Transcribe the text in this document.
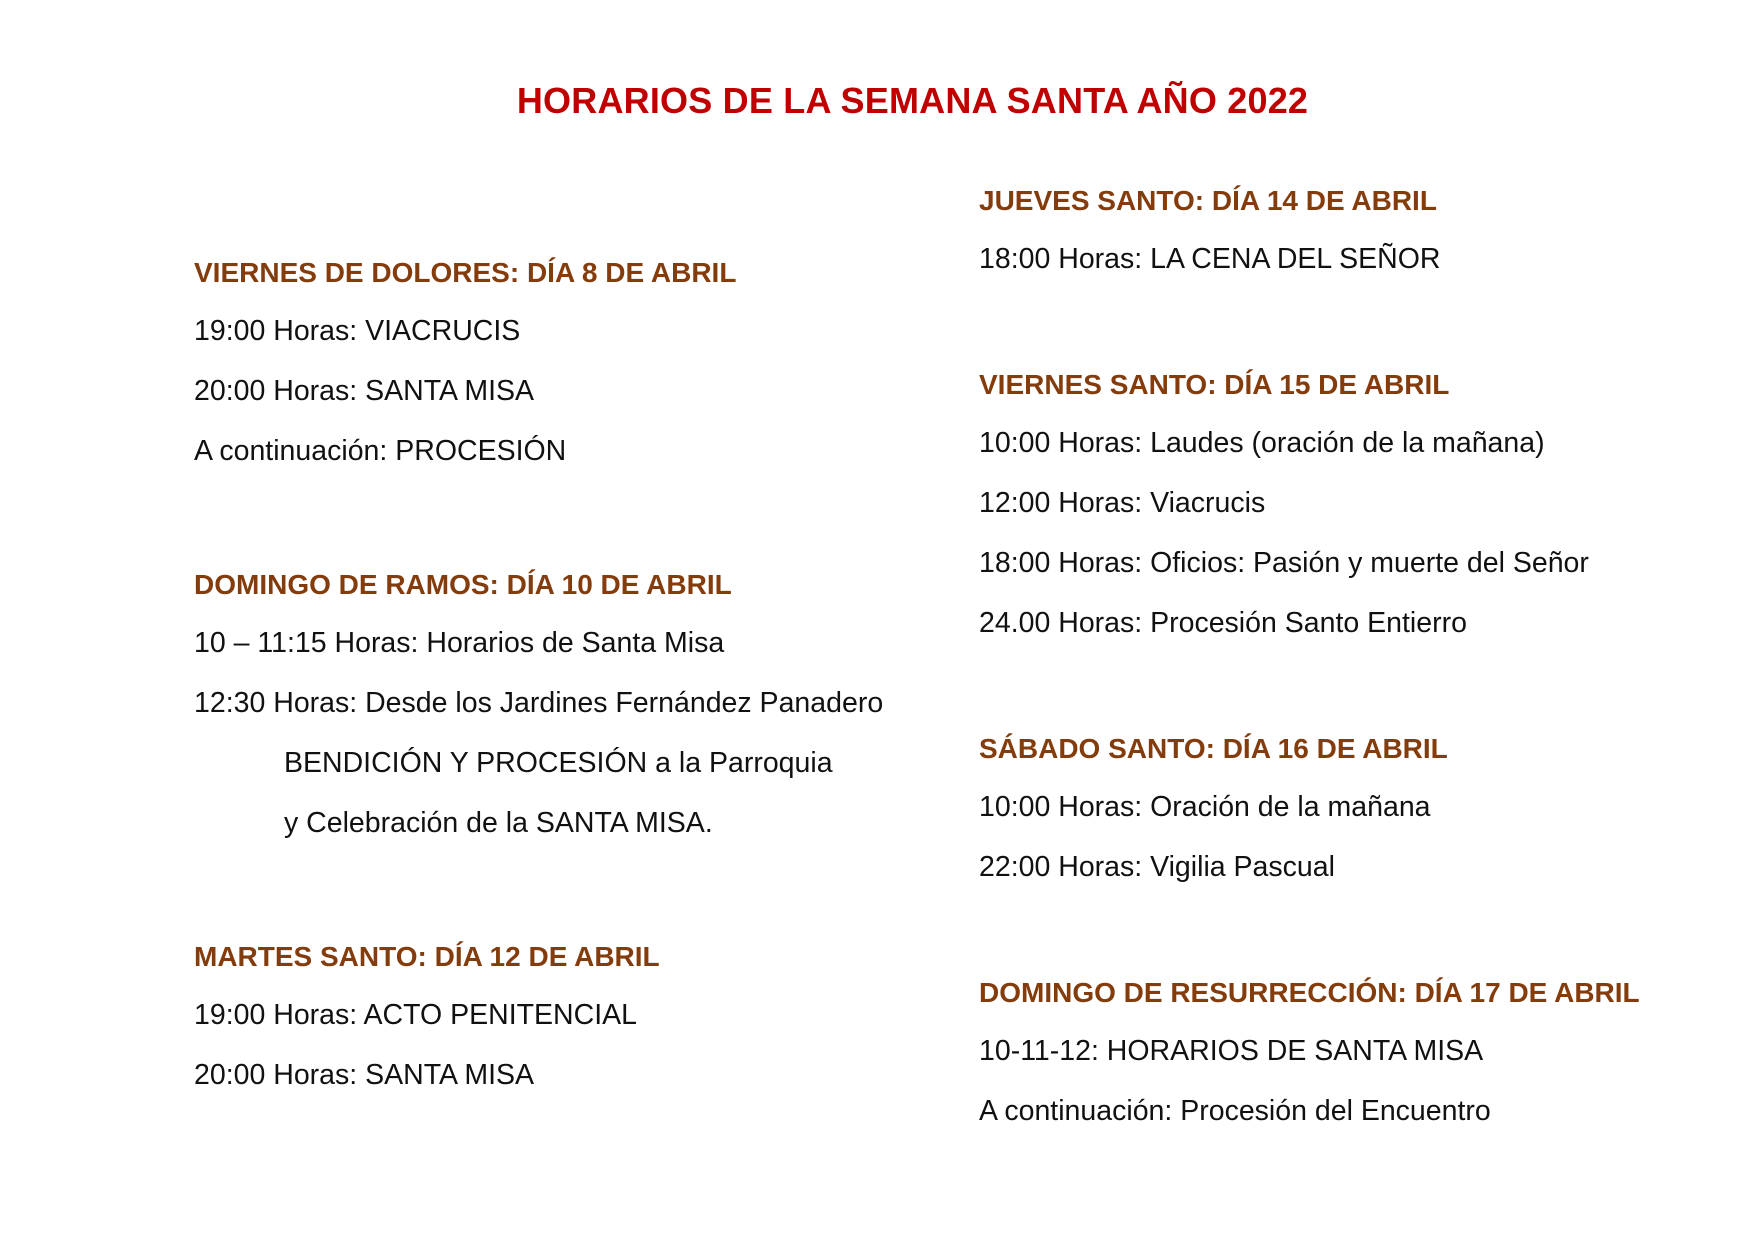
HORARIOS DE LA SEMANA SANTA AÑO 2022
VIERNES DE DOLORES: DÍA 8 DE ABRIL
19:00 Horas: VIACRUCIS
20:00 Horas: SANTA MISA
A continuación: PROCESIÓN
DOMINGO DE RAMOS: DÍA 10 DE ABRIL
10 – 11:15 Horas: Horarios de Santa Misa
12:30 Horas: Desde los Jardines Fernández Panadero
BENDICIÓN Y PROCESIÓN a la Parroquia
y Celebración de la SANTA MISA.
MARTES SANTO: DÍA 12 DE ABRIL
19:00 Horas: ACTO PENITENCIAL
20:00 Horas: SANTA MISA
JUEVES SANTO: DÍA 14 DE ABRIL
18:00 Horas: LA CENA DEL SEÑOR
VIERNES SANTO: DÍA 15 DE ABRIL
10:00 Horas: Laudes (oración de la mañana)
12:00 Horas: Viacrucis
18:00 Horas: Oficios: Pasión y muerte del Señor
24.00 Horas: Procesión Santo Entierro
SÁBADO SANTO: DÍA 16 DE ABRIL
10:00 Horas: Oración de la mañana
22:00 Horas: Vigilia Pascual
DOMINGO DE RESURRECCIÓN: DÍA 17 DE ABRIL
10-11-12: HORARIOS DE SANTA MISA
A continuación: Procesión del Encuentro
